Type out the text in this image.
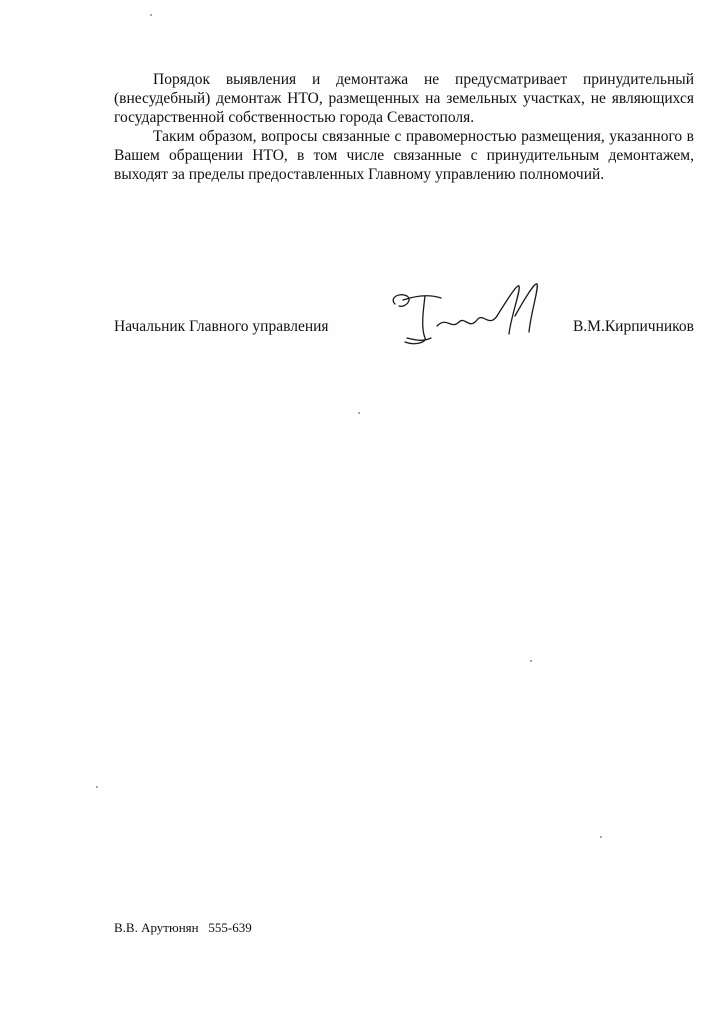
Порядок выявления и демонтажа не предусматривает принудительный (внесудебный) демонтаж НТО, размещенных на земельных участках, не являющихся государственной собственностью города Севастополя.

Таким образом, вопросы связанные с правомерностью размещения, указанного в Вашем обращении НТО, в том числе связанные с принудительным демонтажем, выходят за пределы предоставленных Главному управлению полномочий.

Начальник Главного управления	В.М.Кирпичников
В.В. Арутюнян 555-639
